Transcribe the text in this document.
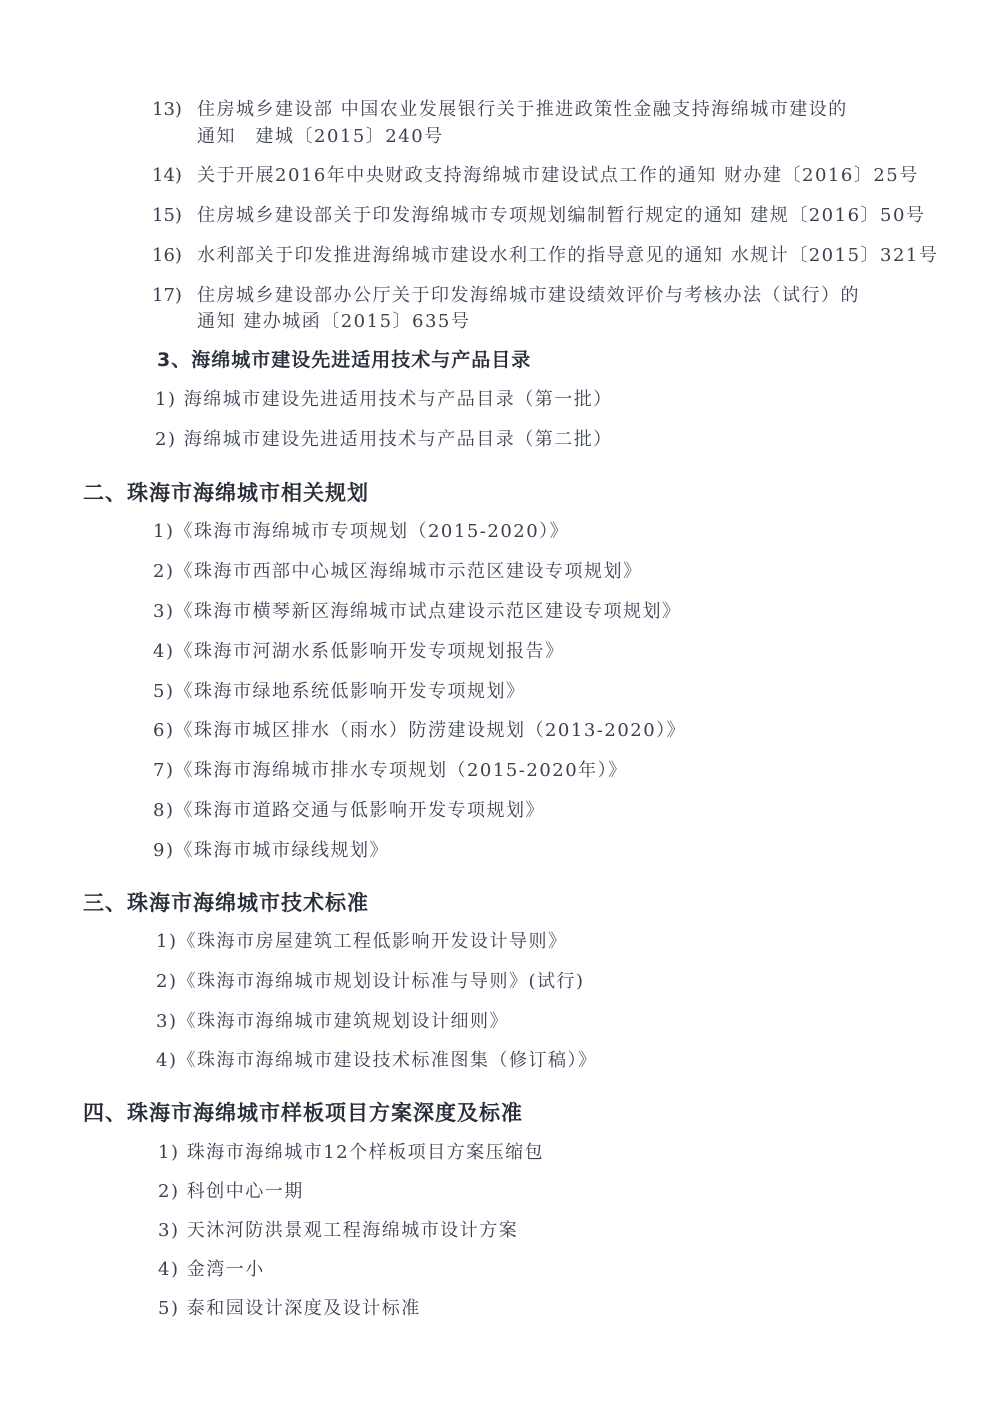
13) 住房城乡建设部 中国农业发展银行关于推进政策性金融支持海绵城市建设的
通知　建城〔2015〕240号
14) 关于开展2016年中央财政支持海绵城市建设试点工作的通知 财办建〔2016〕25号
15) 住房城乡建设部关于印发海绵城市专项规划编制暂行规定的通知 建规〔2016〕50号
16) 水利部关于印发推进海绵城市建设水利工作的指导意见的通知 水规计〔2015〕321号
17) 住房城乡建设部办公厅关于印发海绵城市建设绩效评价与考核办法（试行）的
通知 建办城函〔2015〕635号
3、海绵城市建设先进适用技术与产品目录
1) 海绵城市建设先进适用技术与产品目录（第一批）
2) 海绵城市建设先进适用技术与产品目录（第二批）
二、珠海市海绵城市相关规划
1)《珠海市海绵城市专项规划（2015-2020）》
2)《珠海市西部中心城区海绵城市示范区建设专项规划》
3)《珠海市横琴新区海绵城市试点建设示范区建设专项规划》
4)《珠海市河湖水系低影响开发专项规划报告》
5)《珠海市绿地系统低影响开发专项规划》
6)《珠海市城区排水（雨水）防涝建设规划（2013-2020）》
7)《珠海市海绵城市排水专项规划（2015-2020年）》
8)《珠海市道路交通与低影响开发专项规划》
9)《珠海市城市绿线规划》
三、珠海市海绵城市技术标准
1)《珠海市房屋建筑工程低影响开发设计导则》
2)《珠海市海绵城市规划设计标准与导则》(试行)
3)《珠海市海绵城市建筑规划设计细则》
4)《珠海市海绵城市建设技术标准图集（修订稿）》
四、珠海市海绵城市样板项目方案深度及标准
1) 珠海市海绵城市12个样板项目方案压缩包
2) 科创中心一期
3) 天沐河防洪景观工程海绵城市设计方案
4) 金湾一小
5) 泰和园设计深度及设计标准
